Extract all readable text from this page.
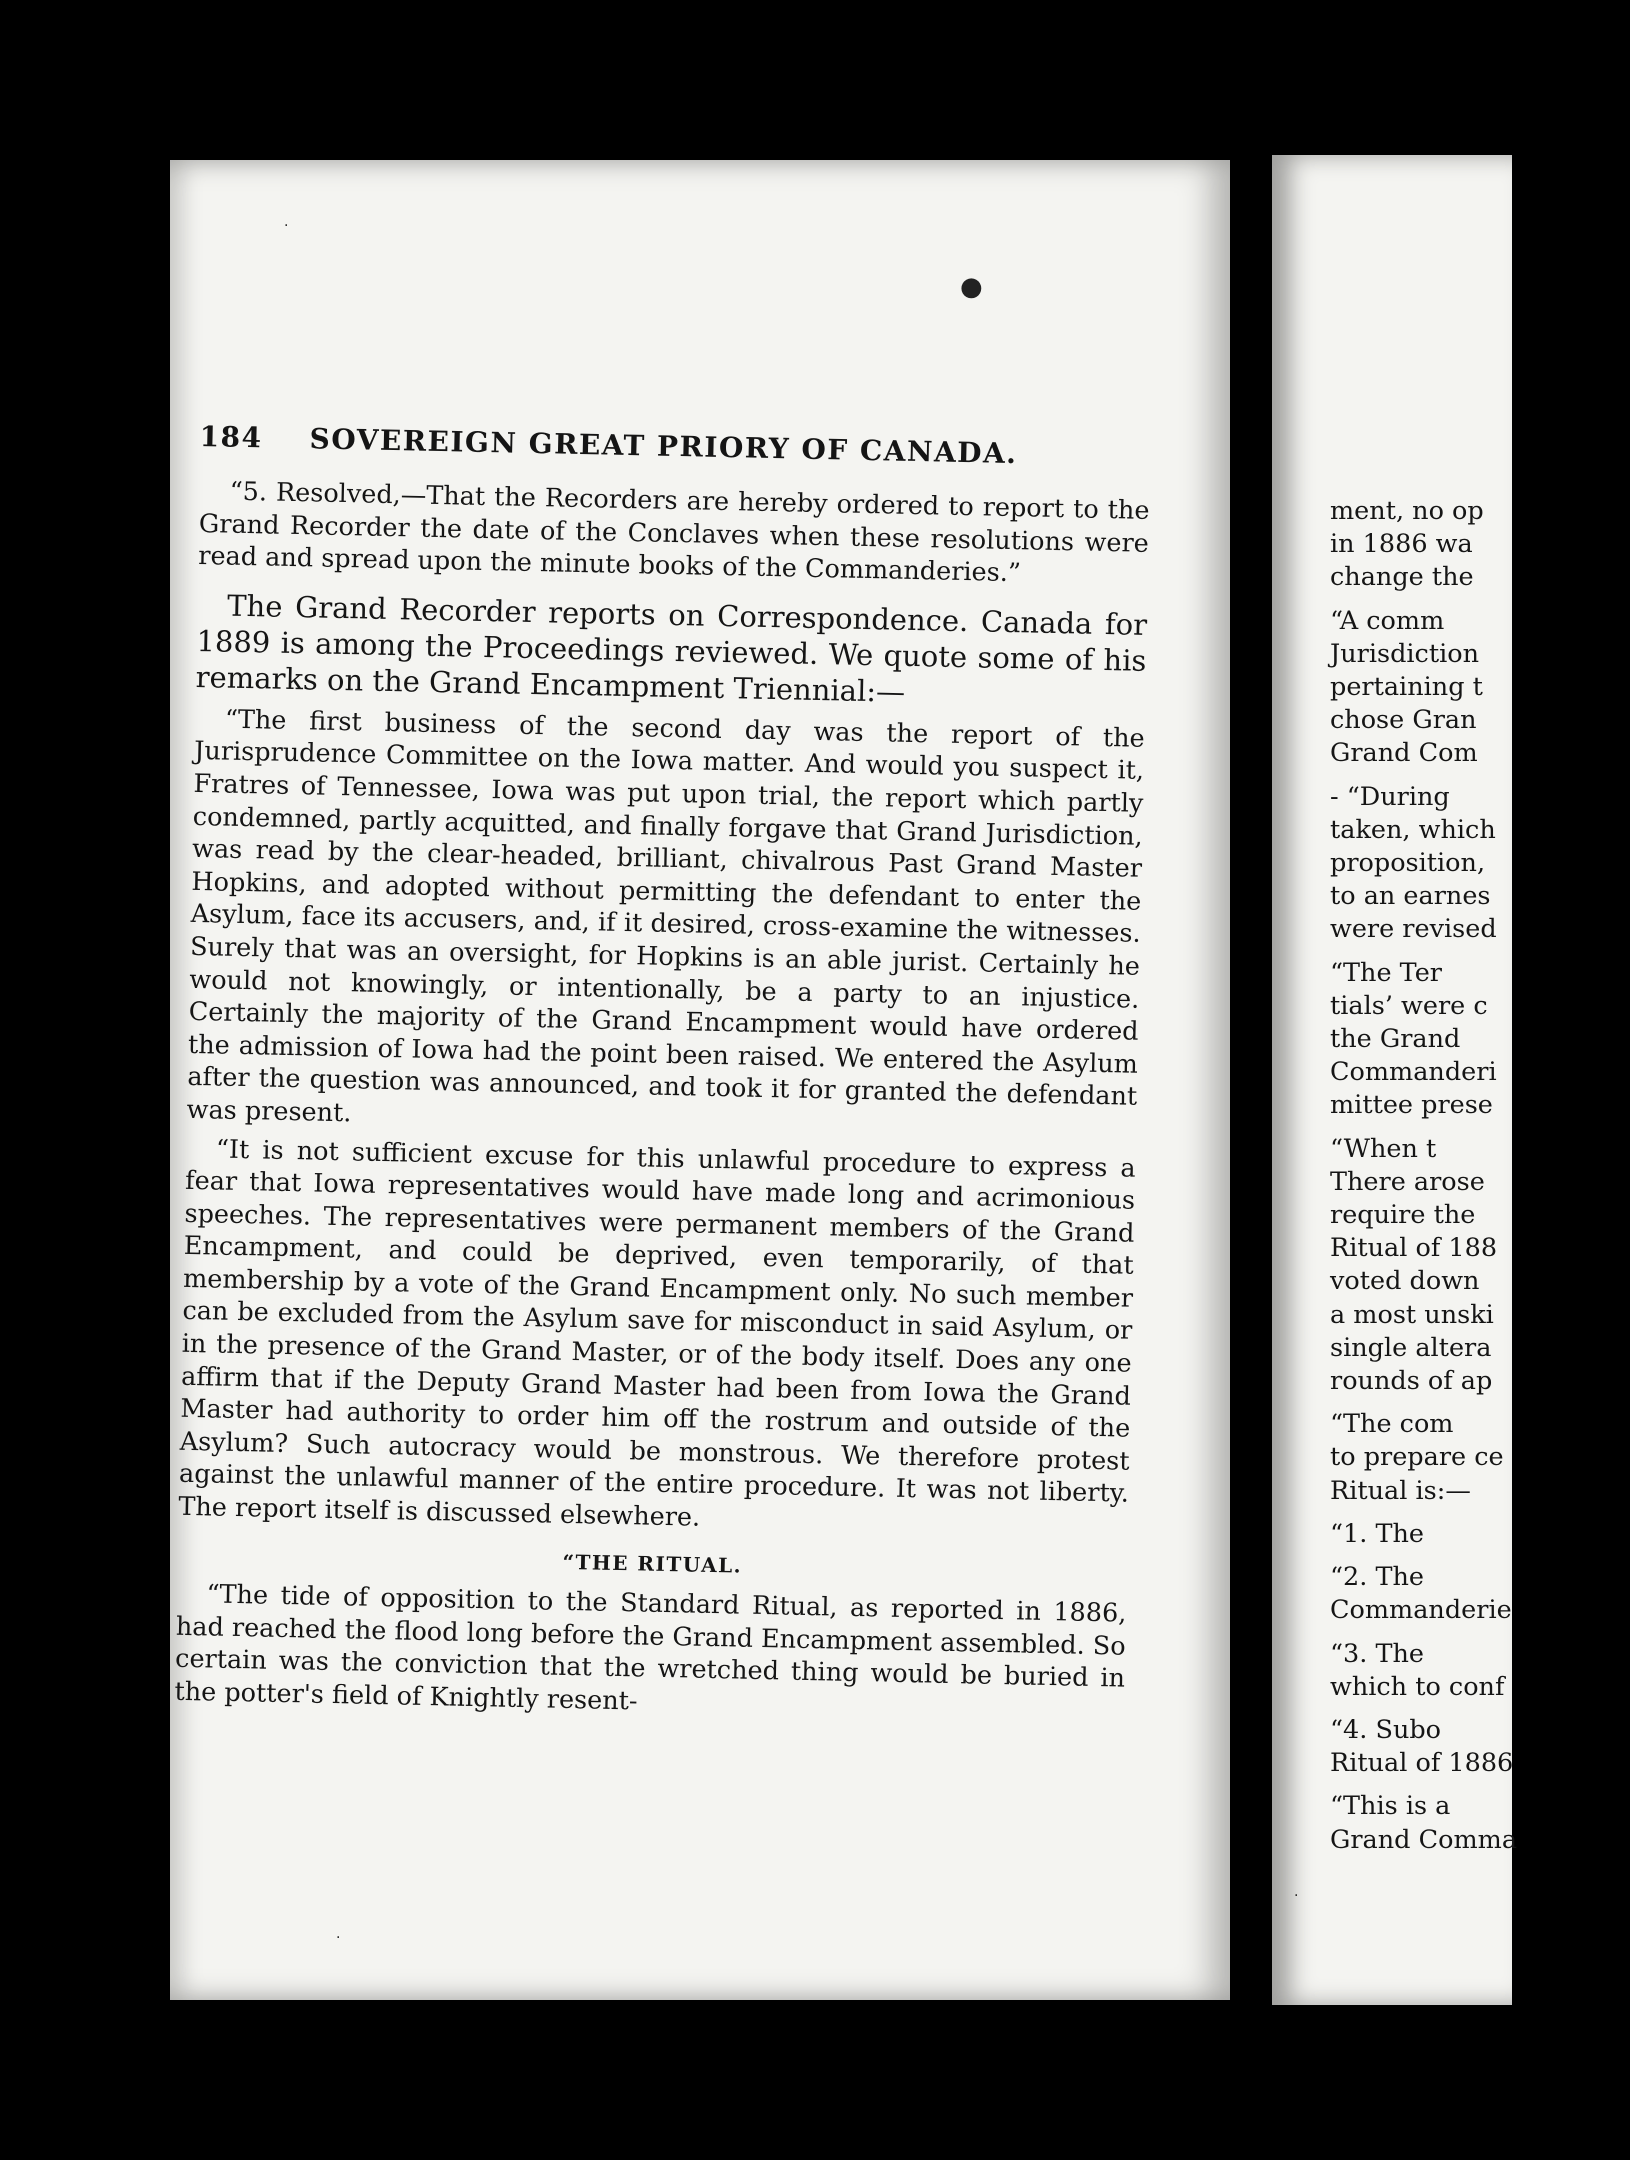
●
·
·
·
184 SOVEREIGN GREAT PRIORY OF CANADA.

“5. Resolved,—That the Recorders are hereby ordered to report to the Grand Recorder the date of the Conclaves when these resolutions were read and spread upon the minute books of the Commanderies.”

The Grand Recorder reports on Correspondence. Canada for 1889 is among the Proceedings reviewed. We quote some of his remarks on the Grand Encampment Triennial:—

“The first business of the second day was the report of the Jurisprudence Committee on the Iowa matter. And would you suspect it, Fratres of Tennessee, Iowa was put upon trial, the report which partly condemned, partly acquitted, and finally forgave that Grand Jurisdiction, was read by the clear-headed, brilliant, chivalrous Past Grand Master Hopkins, and adopted without permitting the defendant to enter the Asylum, face its accusers, and, if it desired, cross-examine the witnesses. Surely that was an oversight, for Hopkins is an able jurist. Certainly he would not knowingly, or intentionally, be a party to an injustice. Certainly the majority of the Grand Encampment would have ordered the admission of Iowa had the point been raised. We entered the Asylum after the question was announced, and took it for granted the defendant was present.

“It is not sufficient excuse for this unlawful procedure to express a fear that Iowa representatives would have made long and acrimonious speeches. The representatives were permanent members of the Grand Encampment, and could be deprived, even temporarily, of that membership by a vote of the Grand Encampment only. No such member can be excluded from the Asylum save for misconduct in said Asylum, or in the presence of the Grand Master, or of the body itself. Does any one affirm that if the Deputy Grand Master had been from Iowa the Grand Master had authority to order him off the rostrum and outside of the Asylum? Such autocracy would be monstrous. We therefore protest against the unlawful manner of the entire procedure. It was not liberty. The report itself is discussed elsewhere.

“THE RITUAL.

“The tide of opposition to the Standard Ritual, as reported in 1886, had reached the flood long before the Grand Encampment assembled. So certain was the conviction that the wretched thing would be buried in the potter's field of Knightly resent-

ment, no op
in 1886 wa
change the
“A comm
Jurisdiction
pertaining t
chose Gran
Grand Com
- “During
taken, which
proposition,
to an earnes
were revised
“The Ter
tials’ were c
the Grand
Commanderi
mittee prese
“When t
There arose
require the
Ritual of 188
voted down
a most unski
single altera
rounds of ap
“The com
to prepare ce
Ritual is:—
“1. The
“2. The
Commanderie
“3. The
which to conf
“4. Subo
Ritual of 1886
“This is a
Grand Comma
